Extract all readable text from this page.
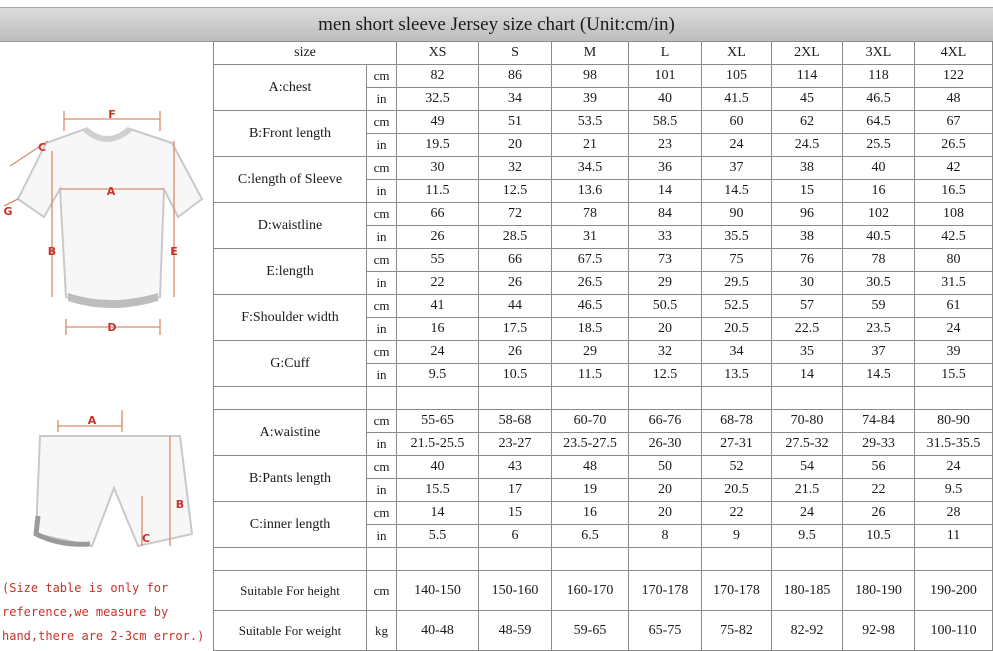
men short sleeve Jersey size chart (Unit:cm/in)
F
C
A
G
B	E
D
A
B
C
(Size table is only for
reference,we measure by
hand,there are 2-3cm error.)
size		XS	S	M	L	XL	2XL	3XL	4XL
A:chest	cm	82	86	98	101	105	114	118	122
	in	32.5	34	39	40	41.5	45	46.5	48
B:Front length	cm	49	51	53.5	58.5	60	62	64.5	67
	in	19.5	20	21	23	24	24.5	25.5	26.5
C:length of Sleeve	cm	30	32	34.5	36	37	38	40	42
	in	11.5	12.5	13.6	14	14.5	15	16	16.5
D:waistline	cm	66	72	78	84	90	96	102	108
	in	26	28.5	31	33	35.5	38	40.5	42.5
E:length	cm	55	66	67.5	73	75	76	78	80
	in	22	26	26.5	29	29.5	30	30.5	31.5
F:Shoulder width	cm	41	44	46.5	50.5	52.5	57	59	61
	in	16	17.5	18.5	20	20.5	22.5	23.5	24
G:Cuff	cm	24	26	29	32	34	35	37	39
	in	9.5	10.5	11.5	12.5	13.5	14	14.5	15.5

A:waistine	cm	55-65	58-68	60-70	66-76	68-78	70-80	74-84	80-90
	in	21.5-25.5	23-27	23.5-27.5	26-30	27-31	27.5-32	29-33	31.5-35.5
B:Pants length	cm	40	43	48	50	52	54	56	24
	in	15.5	17	19	20	20.5	21.5	22	9.5
C:inner length	cm	14	15	16	20	22	24	26	28
	in	5.5	6	6.5	8	9	9.5	10.5	11

Suitable For height	cm	140-150	150-160	160-170	170-178	170-178	180-185	180-190	190-200
Suitable For weight	kg	40-48	48-59	59-65	65-75	75-82	82-92	92-98	100-110
